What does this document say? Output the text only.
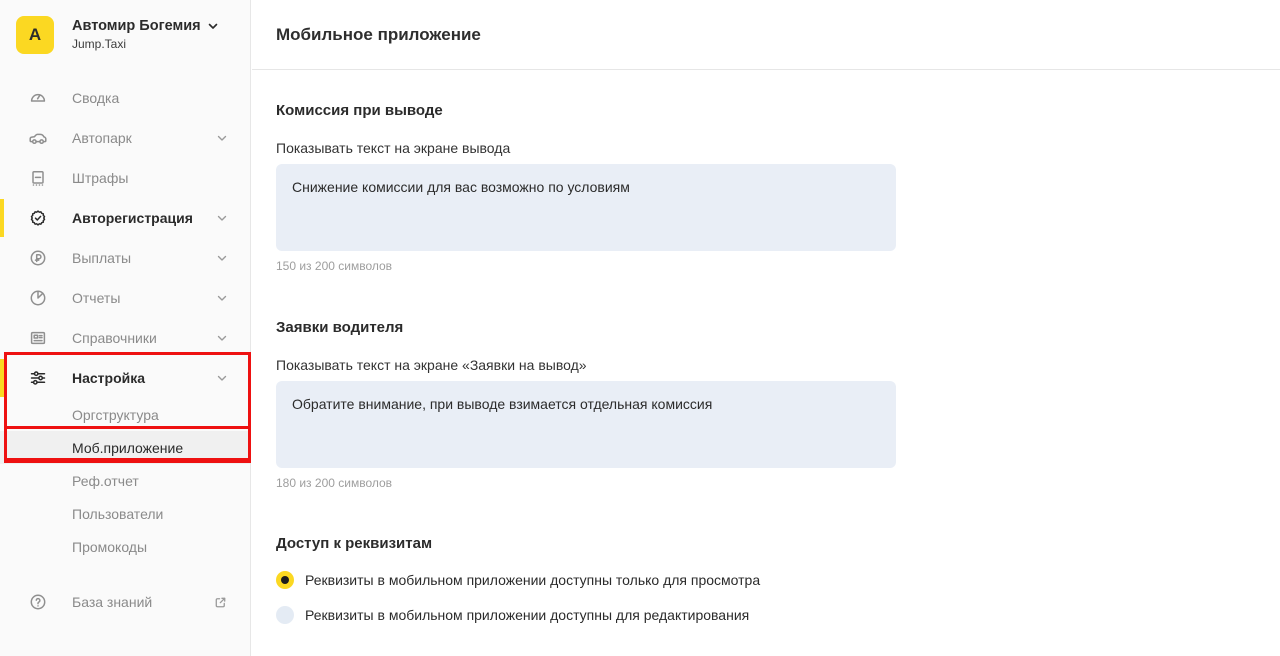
А	Автомир Богемия
Jump.Taxi
Сводка
Автопарк
Штрафы
Авторегистрация
Выплаты
Отчеты
Справочники
Настройка
Оргструктура
Моб.приложение
Реф.отчет
Пользователи
Промокоды
База знаний
Мобильное приложение
Комиссия при выводе
Показывать текст на экране вывода
Снижение комиссии для вас возможно по условиям
150 из 200 символов
Заявки водителя
Показывать текст на экране «Заявки на вывод»
Обратите внимание, при выводе взимается отдельная комиссия
180 из 200 символов
Доступ к реквизитам
Реквизиты в мобильном приложении доступны только для просмотра
Реквизиты в мобильном приложении доступны для редактирования
